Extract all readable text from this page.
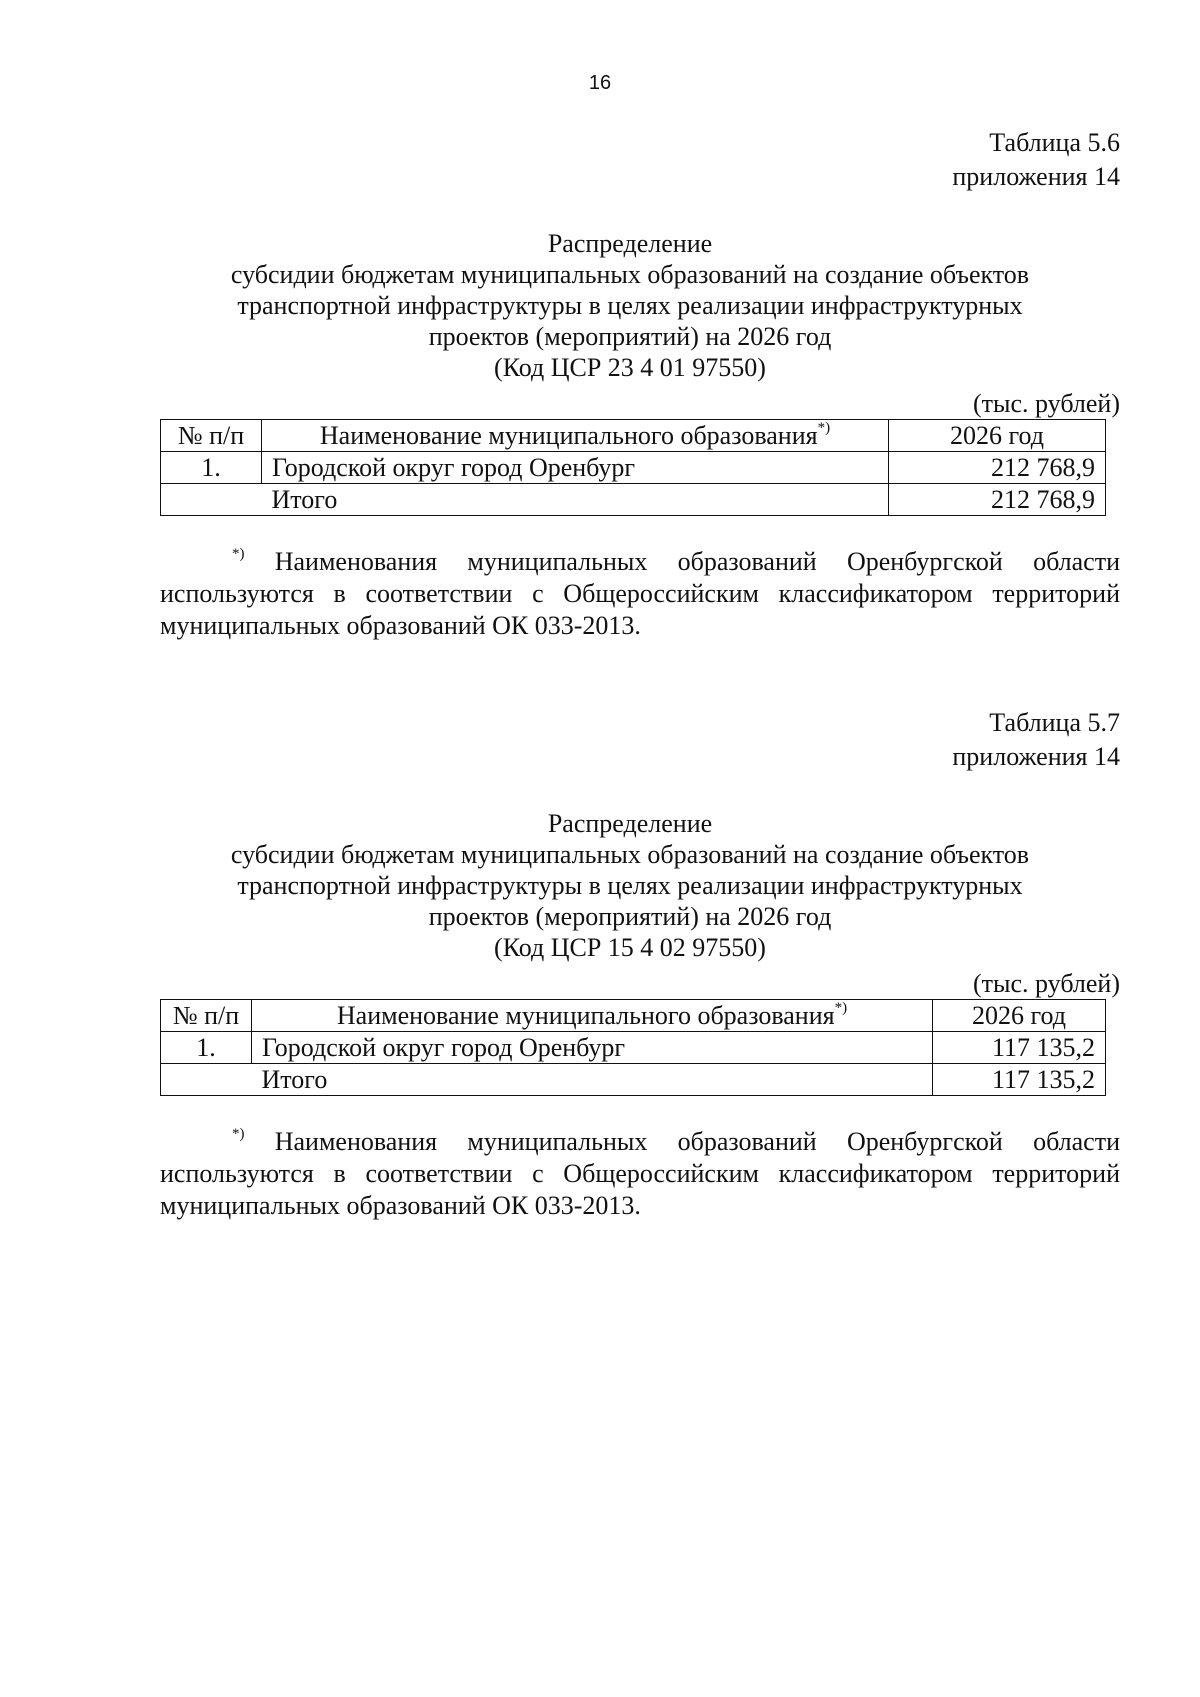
16
Таблица 5.6
приложения 14
Распределение
субсидии бюджетам муниципальных образований на создание объектов
транспортной инфраструктуры в целях реализации инфраструктурных
проектов (мероприятий) на 2026 год
(Код ЦСР 23 4 01 97550)
(тыс. рублей)
№ п/п	Наименование муниципального образования*)	2026 год
1.	Городской округ город Оренбург	212 768,9
	Итого	212 768,9
*) Наименования муниципальных образований Оренбургской области используются в соответствии с Общероссийским классификатором территорий муниципальных образований ОК 033-2013.
Таблица 5.7
приложения 14
Распределение
субсидии бюджетам муниципальных образований на создание объектов
транспортной инфраструктуры в целях реализации инфраструктурных
проектов (мероприятий) на 2026 год
(Код ЦСР 15 4 02 97550)
(тыс. рублей)
№ п/п	Наименование муниципального образования*)	2026 год
1.	Городской округ город Оренбург	117 135,2
	Итого	117 135,2
*) Наименования муниципальных образований Оренбургской области используются в соответствии с Общероссийским классификатором территорий муниципальных образований ОК 033-2013.
